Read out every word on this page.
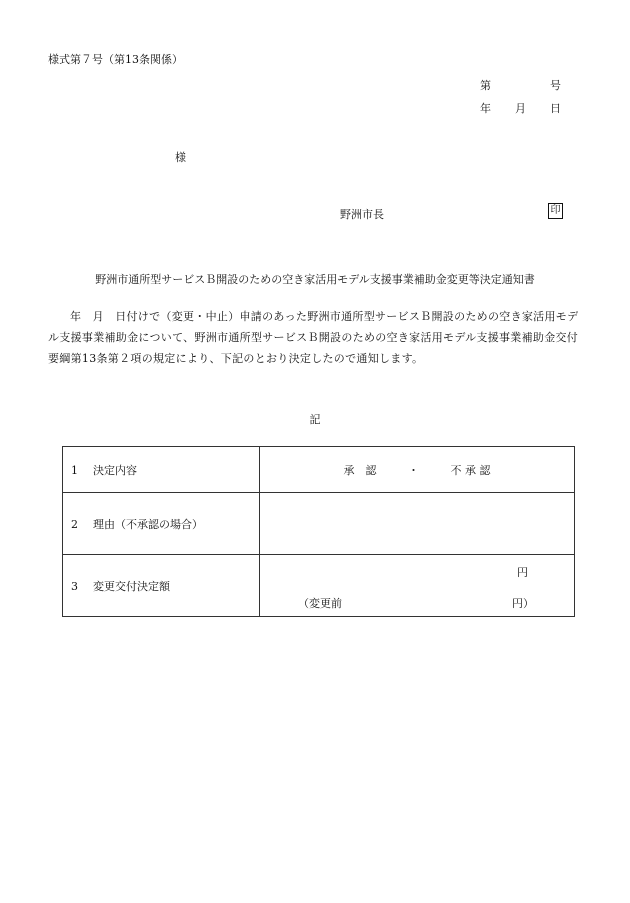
様式第７号（第13条関係）
第	号
年 月 日
様
野洲市長	印
野洲市通所型サービスＢ開設のための空き家活用モデル支援事業補助金変更等決定通知書
年　月　日付けで（変更・中止）申請のあった野洲市通所型サービスＢ開設のための空き家活用モデル支援事業補助金について、野洲市通所型サービスＢ開設のための空き家活用モデル支援事業補助金交付要綱第13条第２項の規定により、下記のとおり決定したので通知します。
記
1 決定内容	承　認 ・ 不 承 認
2 理由（不承認の場合）	
3 変更交付決定額	円
（変更前 円）
